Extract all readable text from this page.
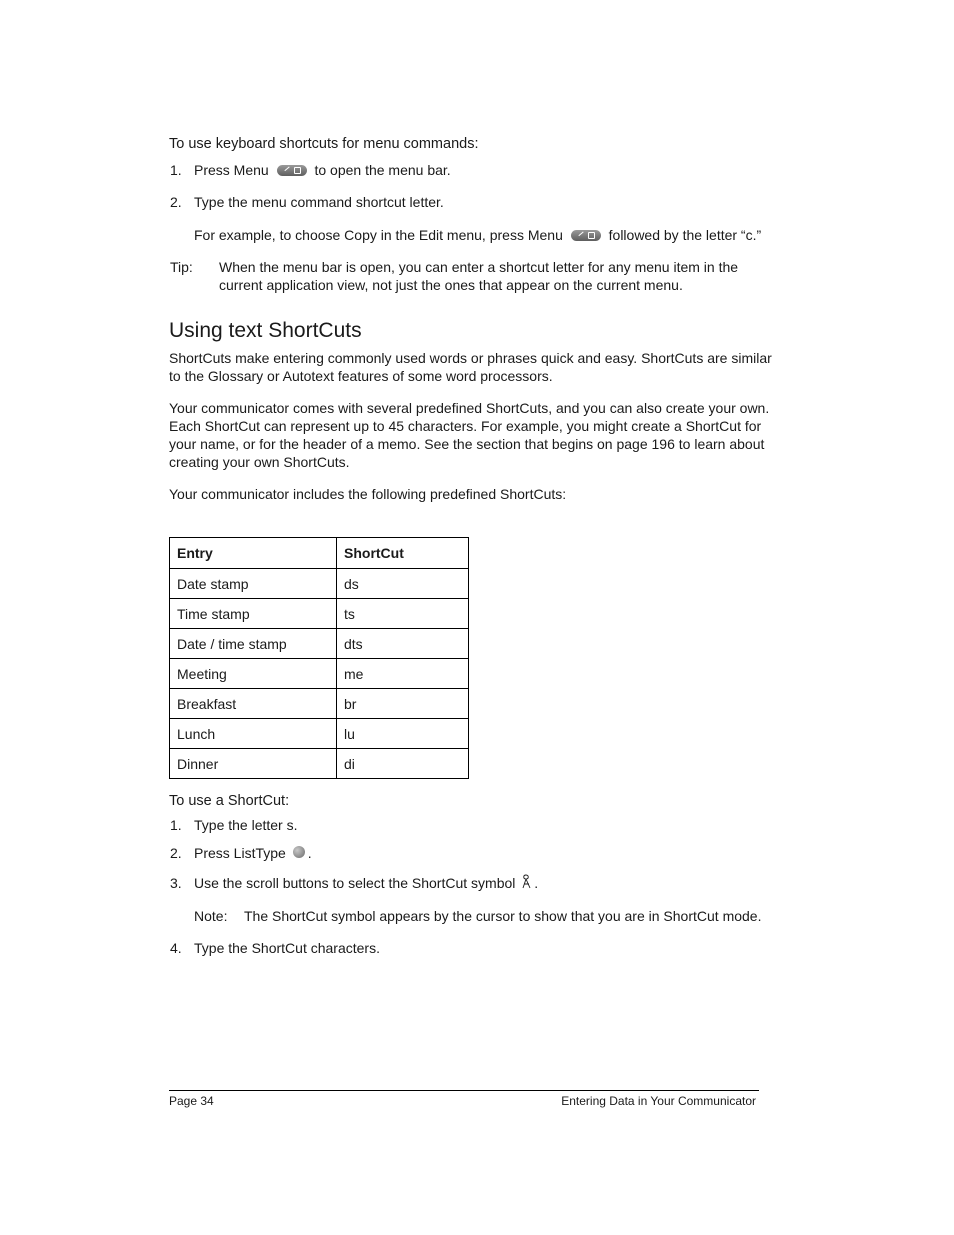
To use keyboard shortcuts for menu commands:
1. Press Menu	to open the menu bar.
2. Type the menu command shortcut letter.
For example, to choose Copy in the Edit menu, press Menu	followed by the letter “c.”
Tip: When the menu bar is open, you can enter a shortcut letter for any menu item in the
current application view, not just the ones that appear on the current menu.
Using text ShortCuts
ShortCuts make entering commonly used words or phrases quick and easy. ShortCuts are similar
to the Glossary or Autotext features of some word processors.
Your communicator comes with several predefined ShortCuts, and you can also create your own.
Each ShortCut can represent up to 45 characters. For example, you might create a ShortCut for
your name, or for the header of a memo. See the section that begins on page 196 to learn about
creating your own ShortCuts.
Your communicator includes the following predefined ShortCuts:
Entry	ShortCut
Date stamp	ds
Time stamp	ts
Date / time stamp	dts
Meeting	me
Breakfast	br
Lunch	lu
Dinner	di
To use a ShortCut:
1. Type the letter s.
2. Press ListType .
3. Use the scroll buttons to select the ShortCut symbol .
Note: The ShortCut symbol appears by the cursor to show that you are in ShortCut mode.
4. Type the ShortCut characters.
Page 34	Entering Data in Your Communicator
